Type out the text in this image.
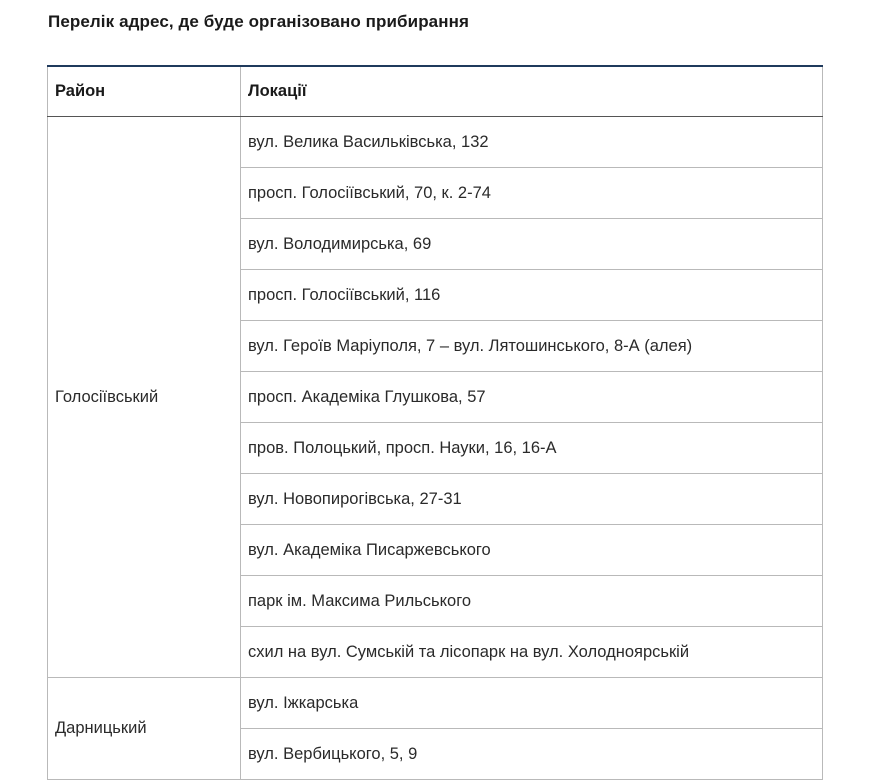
Перелік адрес, де буде організовано прибирання
Район	Локації
Голосіївський	вул. Велика Васильківська, 132
	просп. Голосіївський, 70, к. 2-74
	вул. Володимирська, 69
	просп. Голосіївський, 116
	вул. Героїв Маріуполя, 7 – вул. Лятошинського, 8-А (алея)
	просп. Академіка Глушкова, 57
	пров. Полоцький, просп. Науки, 16, 16-А
	вул. Новопирогівська, 27-31
	вул. Академіка Писаржевського
	парк ім. Максима Рильського
	схил на вул. Сумській та лісопарк на вул. Холодноярській
Дарницький	вул. Іжкарська
	вул. Вербицького, 5, 9
